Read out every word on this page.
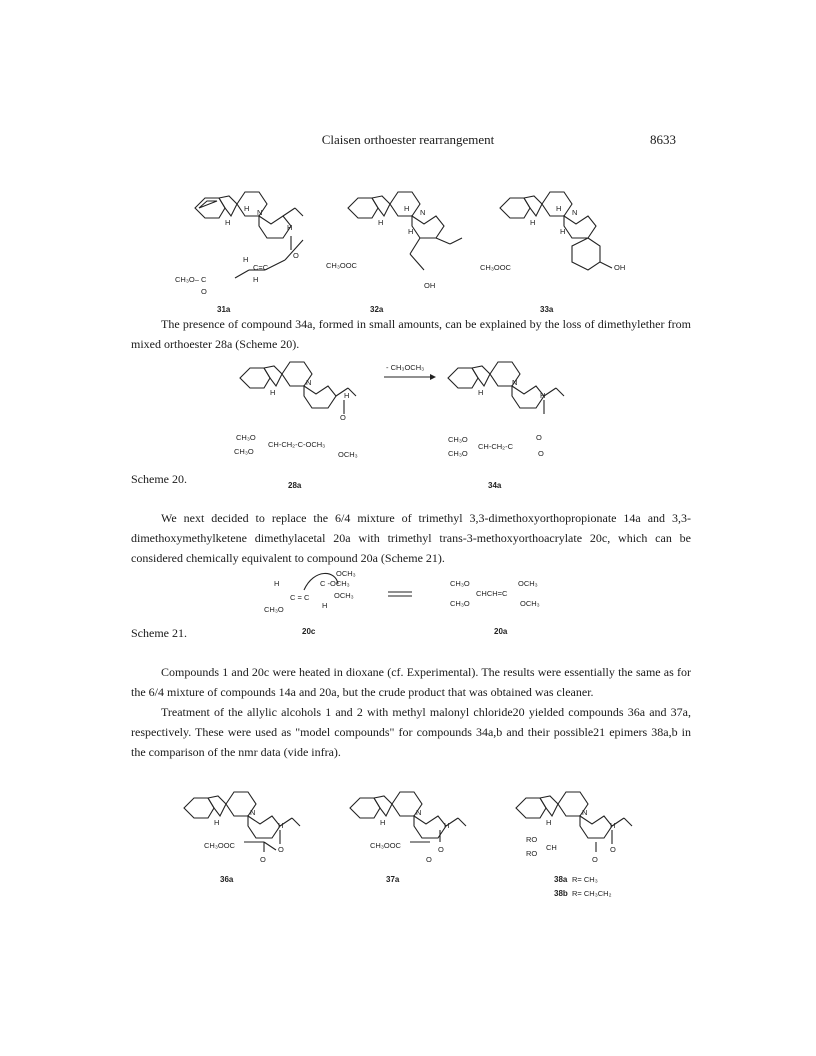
Claisen orthoester rearrangement	8633
H
N
H
H
O
H
C=C
CH₃O– C	H
O
31a
H
N
H
H
CH₃OOC
OH
32a
H
N
H
H
CH₃OOC	OH
33a
H
N
O
H
CH₃O
CH₃O
CH-CH₂-C-OCH₃
OCH₃
28a
- CH₃OCH₃
H
N
H
CH₃O
CH₃O
CH-CH₂-C
O
O
34a
OCH₃
C -OCH₃
OCH₃
H
C = C
H
CH₃O
20c
CH₃O
CH₃O
CHCH=C
OCH₃
OCH₃
20a
H
N
H
O
CH₃OOC
O
36a
H
N
H
O
CH₃OOC
O
37a
H
N
H
O
RO
RO
CH
O
38a R= CH₃
38b R= CH₃CH₂

The presence of compound 34a, formed in small amounts, can be explained by the loss of dimethylether from mixed orthoester 28a (Scheme 20).

Scheme 20.

We next decided to replace the 6/4 mixture of trimethyl 3,3-dimethoxyorthopropionate 14a and 3,3-dimethoxymethylketene dimethylacetal 20a with trimethyl trans-3-methoxyorthoacrylate 20c, which can be considered chemically equivalent to compound 20a (Scheme 21).

Scheme 21.

Compounds 1 and 20c were heated in dioxane (cf. Experimental). The results were essentially the same as for the 6/4 mixture of compounds 14a and 20a, but the crude product that was obtained was cleaner.

Treatment of the allylic alcohols 1 and 2 with methyl malonyl chloride20 yielded compounds 36a and 37a, respectively. These were used as "model compounds" for compounds 34a,b and their possible21 epimers 38a,b in the comparison of the nmr data (vide infra).
